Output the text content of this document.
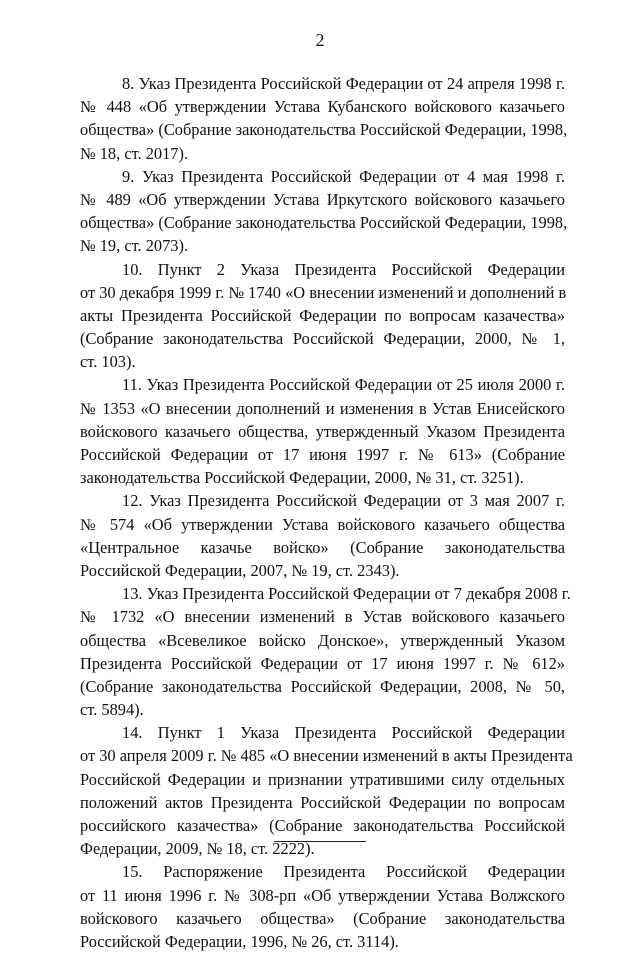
2
8. Указ Президента Российской Федерации от 24 апреля 1998 г.
№ 448 «Об утверждении Устава Кубанского войскового казачьего
общества» (Собрание законодательства Российской Федерации, 1998,
№ 18, ст. 2017).
9. Указ Президента Российской Федерации от 4 мая 1998 г.
№ 489 «Об утверждении Устава Иркутского войскового казачьего
общества» (Собрание законодательства Российской Федерации, 1998,
№ 19, ст. 2073).
10. Пункт 2 Указа Президента Российской Федерации
от 30 декабря 1999 г. № 1740 «О внесении изменений и дополнений в
акты Президента Российской Федерации по вопросам казачества»
(Собрание законодательства Российской Федерации, 2000, № 1,
ст. 103).
11. Указ Президента Российской Федерации от 25 июля 2000 г.
№ 1353 «О внесении дополнений и изменения в Устав Енисейского
войскового казачьего общества, утвержденный Указом Президента
Российской Федерации от 17 июня 1997 г. № 613» (Собрание
законодательства Российской Федерации, 2000, № 31, ст. 3251).
12. Указ Президента Российской Федерации от 3 мая 2007 г.
№ 574 «Об утверждении Устава войскового казачьего общества
«Центральное казачье войско» (Собрание законодательства
Российской Федерации, 2007, № 19, ст. 2343).
13. Указ Президента Российской Федерации от 7 декабря 2008 г.
№ 1732 «О внесении изменений в Устав войскового казачьего
общества «Всевеликое войско Донское», утвержденный Указом
Президента Российской Федерации от 17 июня 1997 г. № 612»
(Собрание законодательства Российской Федерации, 2008, № 50,
ст. 5894).
14. Пункт 1 Указа Президента Российской Федерации
от 30 апреля 2009 г. № 485 «О внесении изменений в акты Президента
Российской Федерации и признании утратившими силу отдельных
положений актов Президента Российской Федерации по вопросам
российского казачества» (Собрание законодательства Российской
Федерации, 2009, № 18, ст. 2222).
15. Распоряжение Президента Российской Федерации
от 11 июня 1996 г. № 308-рп «Об утверждении Устава Волжского
войскового казачьего общества» (Собрание законодательства
Российской Федерации, 1996, № 26, ст. 3114).
